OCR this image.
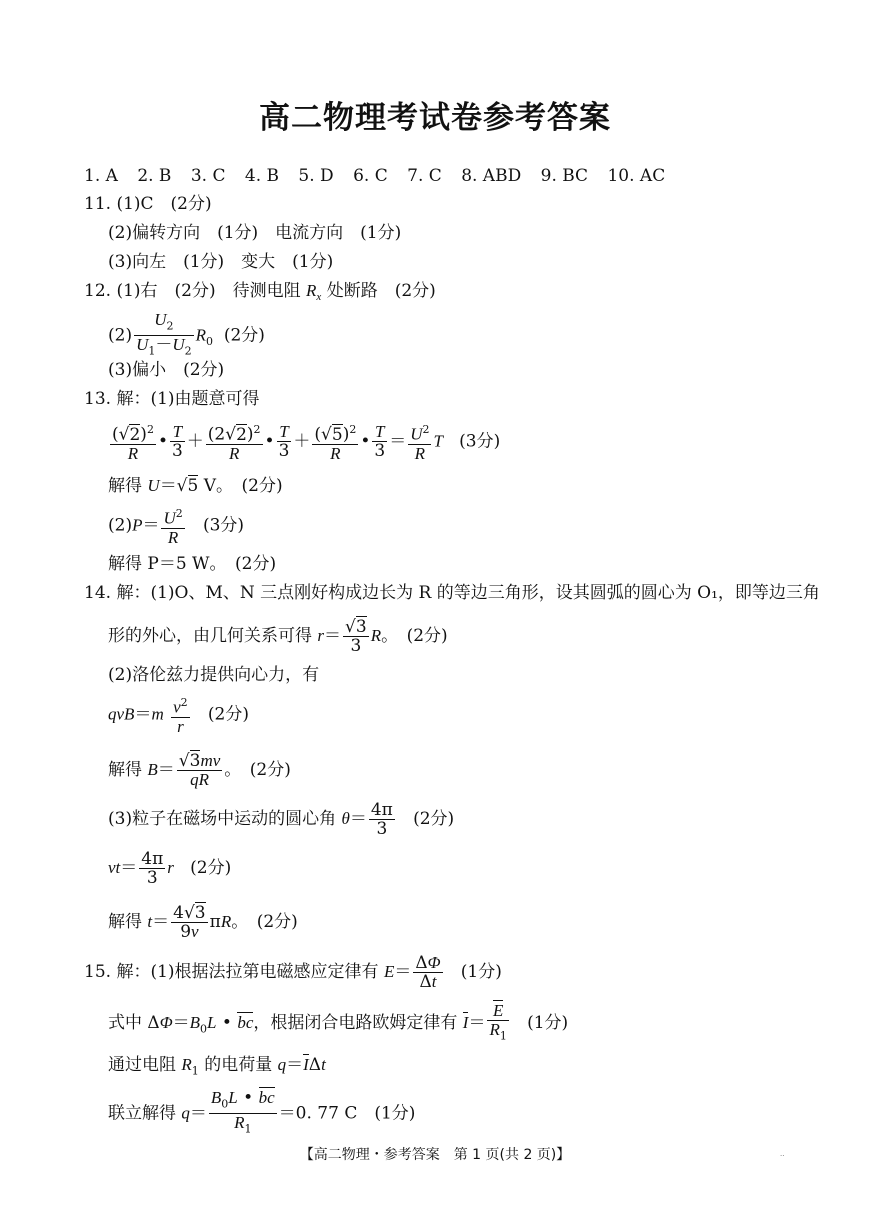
高二物理考试卷参考答案
1. A 2. B 3. C 4. B 5. D 6. C 7. C 8. ABD 9. BC 10. AC
11. (1)C　(2分)
(2)偏转方向　(1分)　电流方向　(1分)
(3)向左　(1分)　变大　(1分)
12. (1)右　(2分)　待测电阻 $R_x$ 处断路　(2分)
$(2) \frac{U_2}{U_1-U_2} R_0$ (2分)
(3)偏小　(2分)
13. 解：(1)由题意可得
$\frac{(√2)^2}{R}$ • $\frac{T}{3} + \frac{(2√2)^2}{R}$ • $\frac{T}{3} + \frac{(√5)^2}{R}$ • $\frac{T}{3} = \frac{U^2}{R}$ T (3分)
解得 U＝√5 V。　(2分)
$(2)P= \frac{U^2}{R} (3$分)
解得 P＝5 W。　(2分)
14. 解：(1)O、M、N 三点刚好构成边长为 R 的等边三角形，设其圆弧的圆心为 O₁，即等边三角
形的外心，由几何关系可得 $r= \frac{√3}{3}$ R。　(2分)
(2)洛伦兹力提供向心力，有
$qvB=m \frac{v^2}{r} (2$分)
解得 $B= \frac{√3mv}{qR}$ 。　(2分)
(3)粒子在磁场中运动的圆心角 $\theta= \frac{4\pi}{3} (2$分)
$vt= \frac{4\pi}{3}$ r (2分)
解得 $t= \frac{4√3}{9v}$ πR。　(2分)
15. 解：(1)根据法拉第电磁感应定律有 $E= \frac{\Delta\Phi}{\Delta t} (1$分)
式中 $\Delta\Phi=B_0L$ • bc，根据闭合电路欧姆定律有 $I= \frac{E}{R_1} (1$分)
通过电阻 $R_1$ 的电荷量 q＝IΔt
联立解得 $q= \frac{B_0L • bc}{R_1} =0$. 77 C　(1分)
【高二物理・参考答案　第 1 页(共 2 页)】	··
